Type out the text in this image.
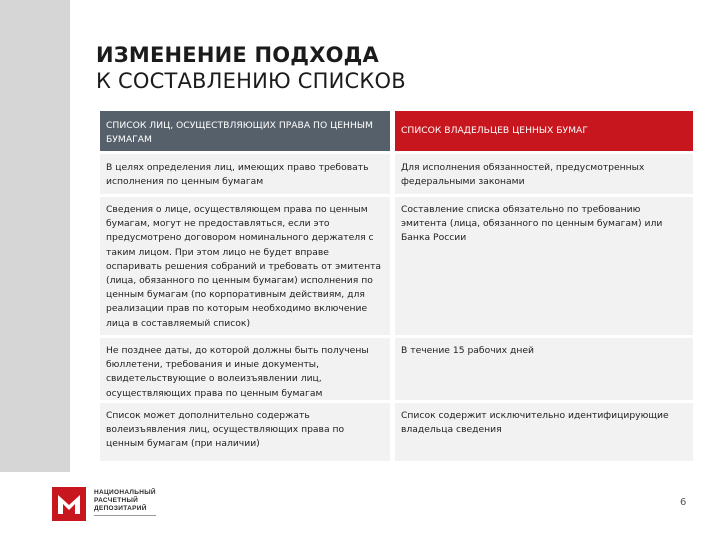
ИЗМЕНЕНИЕ ПОДХОДА
К СОСТАВЛЕНИЮ СПИСКОВ
СПИСОК ЛИЦ, ОСУЩЕСТВЛЯЮЩИХ ПРАВА ПО ЦЕННЫМ БУМАГАМ
СПИСОК ВЛАДЕЛЬЦЕВ ЦЕННЫХ БУМАГ
В целях определения лиц, имеющих право требовать исполнения по ценным бумагам
Для исполнения обязанностей, предусмотренных федеральными законами
Сведения о лице, осуществляющем права по ценным бумагам, могут не предоставляться, если это предусмотрено договором номинального держателя с таким лицом. При этом лицо не будет вправе оспаривать решения собраний и требовать от эмитента (лица, обязанного по ценным бумагам) исполнения по ценным бумагам (по корпоративным действиям, для реализации прав по которым необходимо включение лица в составляемый список)
Составление списка обязательно по требованию эмитента (лица, обязанного по ценным бумагам) или Банка России
Не позднее даты, до которой должны быть получены бюллетени, требования и иные документы, свидетельствующие о волеизъявлении лиц, осуществляющих права по ценным бумагам
В течение 15 рабочих дней
Список может дополнительно содержать волеизъявления лиц, осуществляющих права по ценным бумагам (при наличии)
Список содержит исключительно идентифицирующие владельца сведения
НАЦИОНАЛЬНЫЙ
РАСЧЕТНЫЙ
ДЕПОЗИТАРИЙ
6
